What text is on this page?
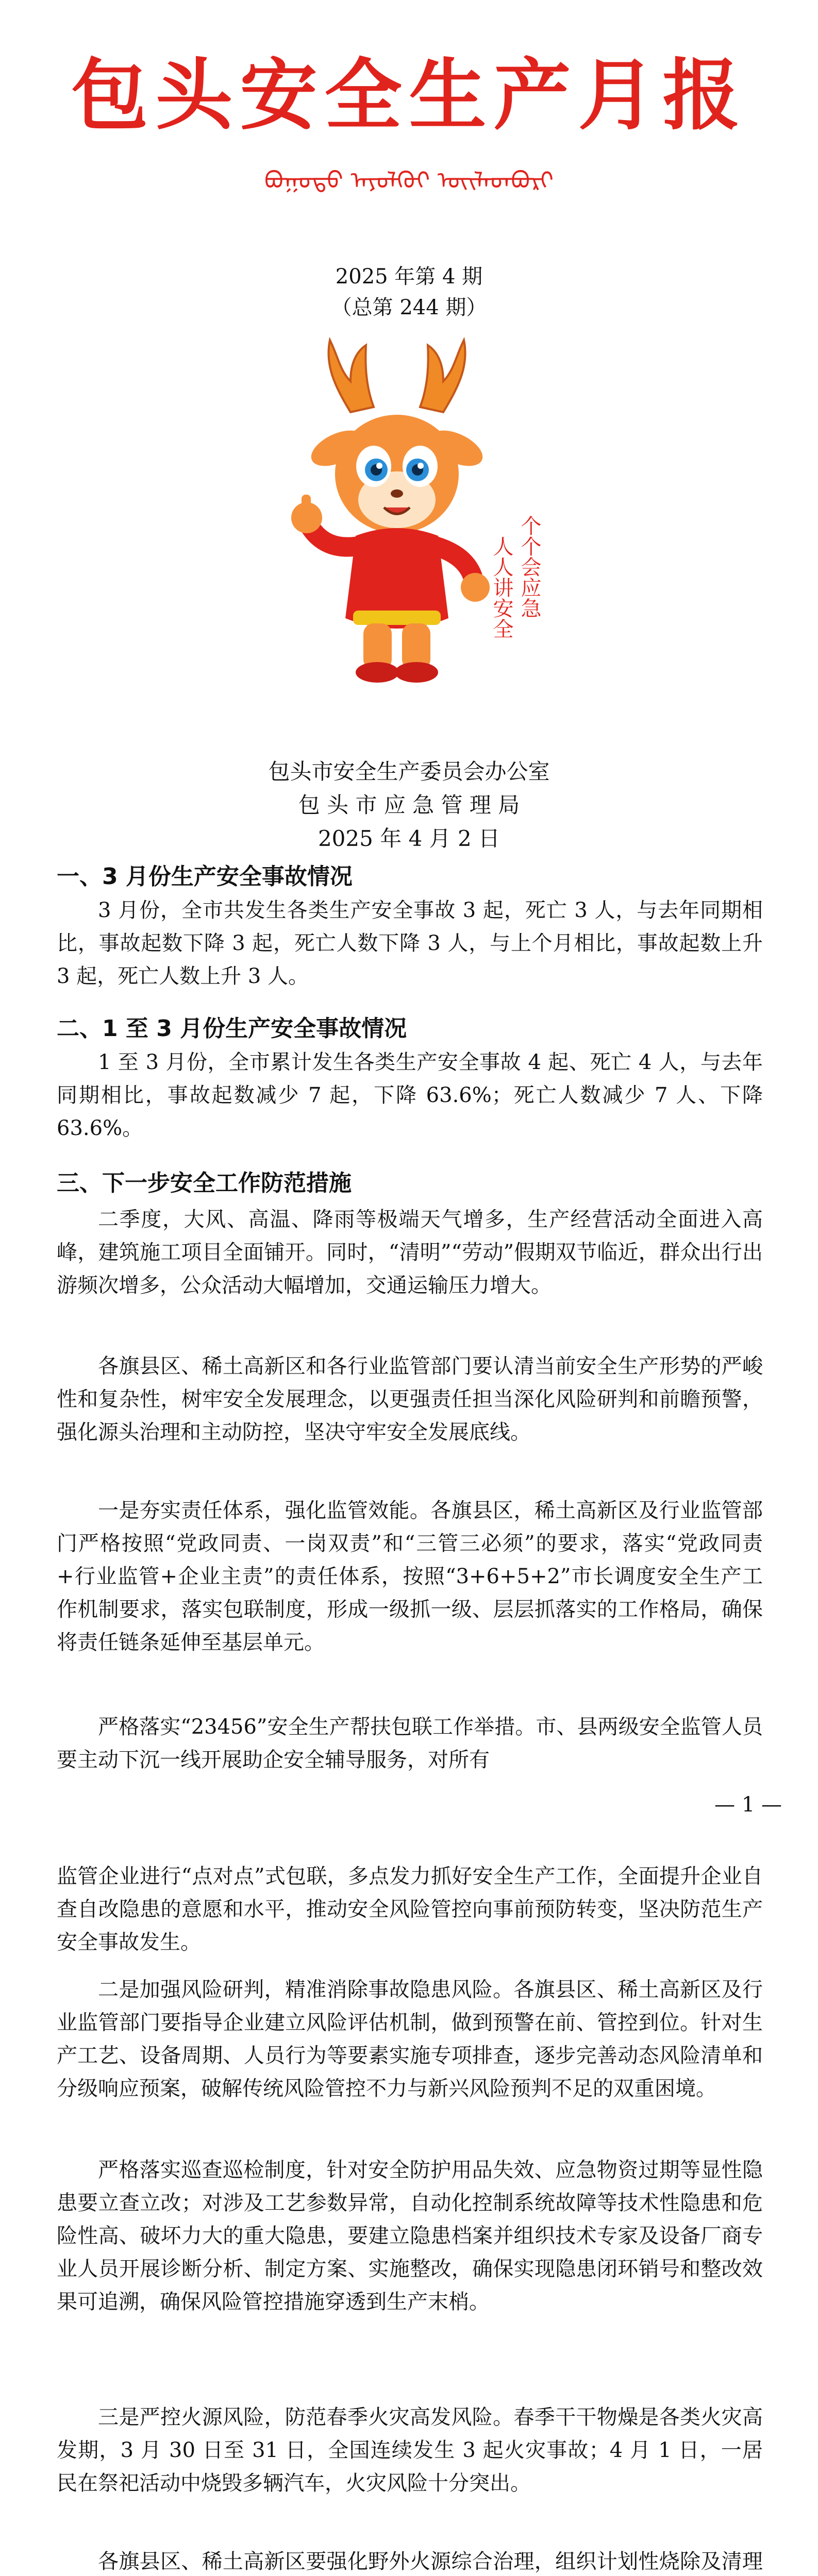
包头安全生产月报
ᠪᠤᠭᠤᠲᠤ ᠠᠶᠤᠯᠭᠦᠢ ᠦᠢᠯᠡᠳᠪᠦᠷᠢ
2025 年第 4 期
（总第 244 期）
个个会应急
人人讲安全
包头市安全生产委员会办公室
包 头 市 应 急 管 理 局
2025 年 4 月 2 日
一、3 月份生产安全事故情况
3 月份，全市共发生各类生产安全事故 3 起，死亡 3 人，与去年同期相比，事故起数下降 3 起，死亡人数下降 3 人，与上个月相比，事故起数上升 3 起，死亡人数上升 3 人。
二、1 至 3 月份生产安全事故情况
1 至 3 月份，全市累计发生各类生产安全事故 4 起、死亡 4 人，与去年同期相比，事故起数减少 7 起，下降 63.6%；死亡人数减少 7 人、下降 63.6%。
三、下一步安全工作防范措施
二季度，大风、高温、降雨等极端天气增多，生产经营活动全面进入高峰，建筑施工项目全面铺开。同时，“清明”“劳动”假期双节临近，群众出行出游频次增多，公众活动大幅增加，交通运输压力增大。
各旗县区、稀土高新区和各行业监管部门要认清当前安全生产形势的严峻性和复杂性，树牢安全发展理念，以更强责任担当深化风险研判和前瞻预警，强化源头治理和主动防控，坚决守牢安全发展底线。
一是夯实责任体系，强化监管效能。各旗县区，稀土高新区及行业监管部门严格按照“党政同责、一岗双责”和“三管三必须”的要求，落实“党政同责+行业监管+企业主责”的责任体系，按照“3+6+5+2”市长调度安全生产工作机制要求，落实包联制度，形成一级抓一级、层层抓落实的工作格局，确保将责任链条延伸至基层单元。
严格落实“23456”安全生产帮扶包联工作举措。市、县两级安全监管人员要主动下沉一线开展助企安全辅导服务，对所有
— 1 —
监管企业进行“点对点”式包联，多点发力抓好安全生产工作，全面提升企业自查自改隐患的意愿和水平，推动安全风险管控向事前预防转变，坚决防范生产安全事故发生。
二是加强风险研判，精准消除事故隐患风险。各旗县区、稀土高新区及行业监管部门要指导企业建立风险评估机制，做到预警在前、管控到位。针对生产工艺、设备周期、人员行为等要素实施专项排查，逐步完善动态风险清单和分级响应预案，破解传统风险管控不力与新兴风险预判不足的双重困境。
严格落实巡查巡检制度，针对安全防护用品失效、应急物资过期等显性隐患要立查立改；对涉及工艺参数异常，自动化控制系统故障等技术性隐患和危险性高、破坏力大的重大隐患，要建立隐患档案并组织技术专家及设备厂商专业人员开展诊断分析、制定方案、实施整改，确保实现隐患闭环销号和整改效果可追溯，确保风险管控措施穿透到生产末梢。
三是严控火源风险，防范春季火灾高发风险。春季干干物燥是各类火灾高发期，3 月 30 日至 31 日，全国连续发生 3 起火灾事故；4 月 1 日，一居民在祭祀活动中烧毁多辆汽车，火灾风险十分突出。
各旗县区、稀土高新区要强化野外火源综合治理，组织计划性烧除及清理
